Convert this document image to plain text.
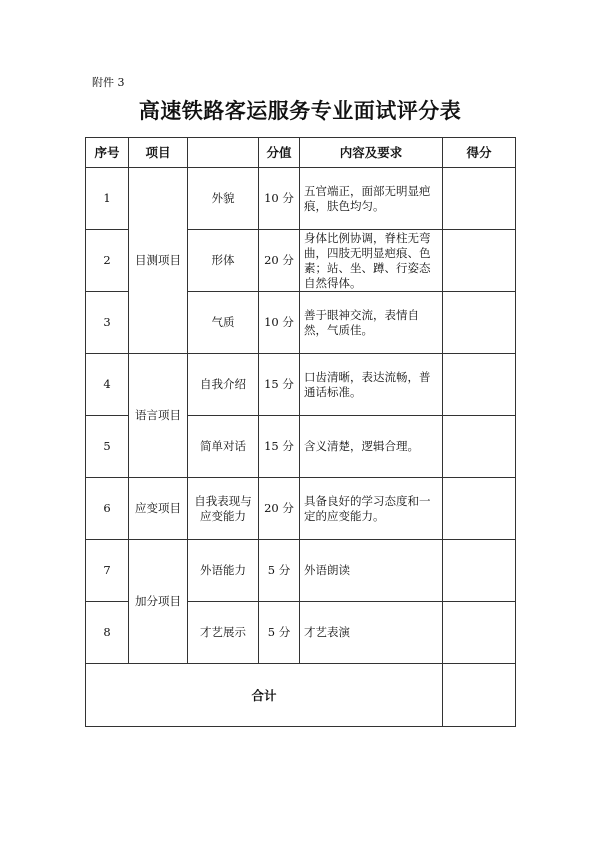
附件 3
高速铁路客运服务专业面试评分表
序号	项目		分值	内容及要求	得分
1	目测项目	外貌	10 分	五官端正，面部无明显疤痕，肤色均匀。	
2		形体	20 分	身体比例协调，脊柱无弯曲，四肢无明显疤痕、色素；站、坐、蹲、行姿态自然得体。	
3		气质	10 分	善于眼神交流，表情自然，气质佳。	
4	语言项目	自我介绍	15 分	口齿清晰，表达流畅，普通话标准。	
5		简单对话	15 分	含义清楚，逻辑合理。	
6	应变项目	自我表现与应变能力	20 分	具备良好的学习态度和一定的应变能力。	
7	加分项目	外语能力	5 分	外语朗读	
8		才艺展示	5 分	才艺表演	
合计					
